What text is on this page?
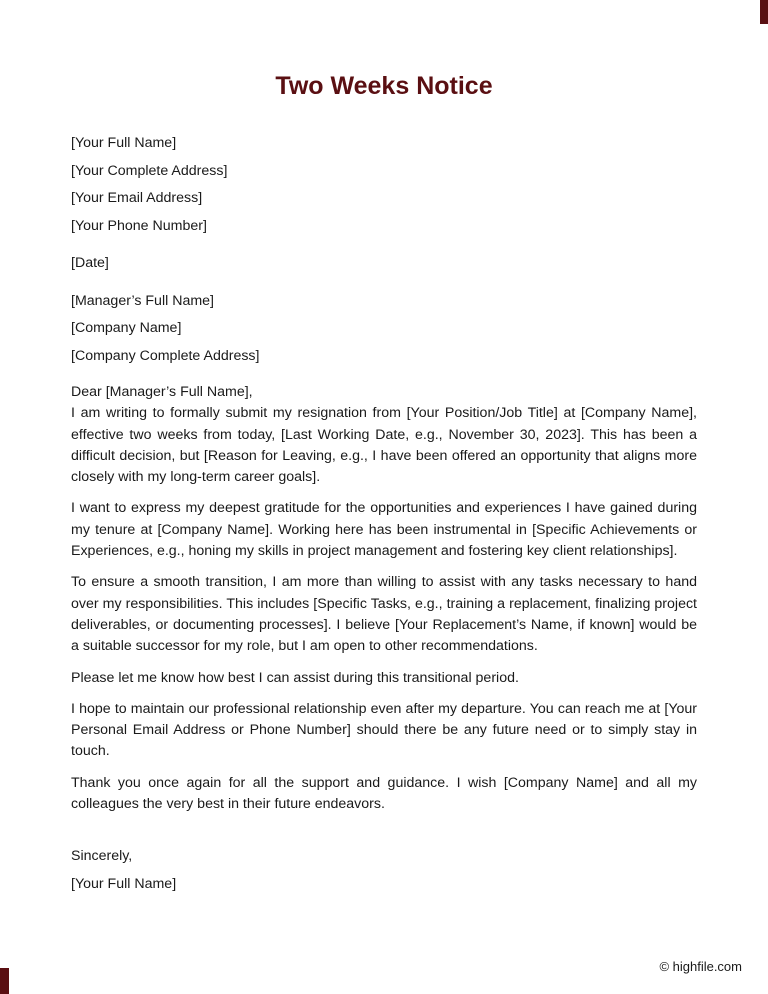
Two Weeks Notice
[Your Full Name]
[Your Complete Address]
[Your Email Address]
[Your Phone Number]
[Date]
[Manager’s Full Name]
[Company Name]
[Company Complete Address]
Dear [Manager’s Full Name],

I am writing to formally submit my resignation from [Your Position/Job Title] at [Company Name], effective two weeks from today, [Last Working Date, e.g., November 30, 2023]. This has been a difficult decision, but [Reason for Leaving, e.g., I have been offered an opportunity that aligns more closely with my long-term career goals].

I want to express my deepest gratitude for the opportunities and experiences I have gained during my tenure at [Company Name]. Working here has been instrumental in [Specific Achievements or Experiences, e.g., honing my skills in project management and fostering key client relationships].

To ensure a smooth transition, I am more than willing to assist with any tasks necessary to hand over my responsibilities. This includes [Specific Tasks, e.g., training a replacement, finalizing project deliverables, or documenting processes]. I believe [Your Replacement’s Name, if known] would be a suitable successor for my role, but I am open to other recommendations.

Please let me know how best I can assist during this transitional period.

I hope to maintain our professional relationship even after my departure. You can reach me at [Your Personal Email Address or Phone Number] should there be any future need or to simply stay in touch.

Thank you once again for all the support and guidance. I wish [Company Name] and all my colleagues the very best in their future endeavors.

Sincerely,
[Your Full Name]
© highfile.com
